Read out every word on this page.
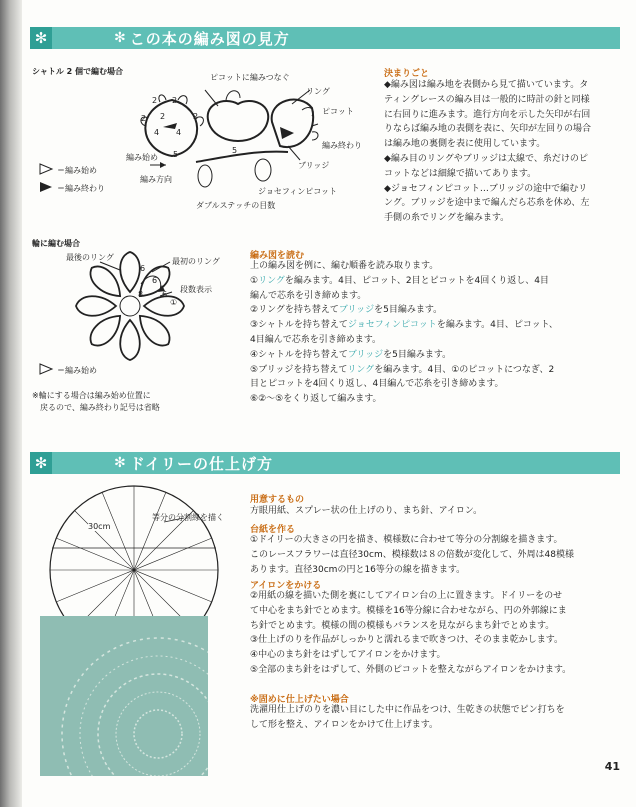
✻	✻ この本の編み図の見方
シャトル 2 個で編む場合
ピコットに編みつなぐ
リング
ピコット
編み終わり
ブリッジ
編み始め
編み方向
ジョセフィンピコット
ダブルステッチの目数
2 2
2
2 2
4 4
5	5
＝編み始め
＝編み終わり
輪に編む場合
最後のリング	最初のリング
段数表示
6
6
6
8
①
＝編み始め
※輪にする場合は編み始め位置に
戻るので、編み終わり記号は省略
決まりごと
◆編み図は編み地を表側から見て描いています。タ
ティングレースの編み目は一般的に時計の針と同様
に右回りに進みます。進行方向を示した矢印が右回
りならば編み地の表側を表に、矢印が左回りの場合
は編み地の裏側を表に使用しています。
◆編み目のリングやブリッジは太線で、糸だけのピ
コットなどは細線で描いてあります。
◆ジョセフィンピコット…ブリッジの途中で編むリ
ング。ブリッジを途中まで編んだら芯糸を休め、左
手側の糸でリングを編みます。
編み図を読む
上の編み図を例に、編む順番を読み取ります。
①リングを編みます。4目、ピコット、2目とピコットを4回くり返し、4目
編んで芯糸を引き締めます。
②リングを持ち替えてブリッジを5目編みます。
③シャトルを持ち替えてジョセフィンピコットを編みます。4目、ピコット、
4目編んで芯糸を引き締めます。
④シャトルを持ち替えてブリッジを5目編みます。
⑤ブリッジを持ち替えてリングを編みます。4目、①のピコットにつなぎ、2
目とピコットを4回くり返し、4目編んで芯糸を引き締めます。
⑥②～⑤をくり返して編みます。
✻	✻ ドイリーの仕上げ方
30cm
等分の分割線を描く
用意するもの
方眼用紙、スプレー状の仕上げのり、まち針、アイロン。
台紙を作る
①ドイリーの大きさの円を描き、模様数に合わせて等分の分割線を描きます。
このレースフラワーは直径30cm、模様数は８の倍数が変化して、外周は48模様
あります。直径30cmの円と16等分の線を描きます。
アイロンをかける
②用紙の線を描いた側を裏にしてアイロン台の上に置きます。ドイリーをのせ
て中心をまち針でとめます。模様を16等分線に合わせながら、円の外郭線にま
ち針でとめます。模様の間の模様もバランスを見ながらまち針でとめます。
③仕上げのりを作品がしっかりと濡れるまで吹きつけ、そのまま乾かします。
④中心のまち針をはずしてアイロンをかけます。
⑤全部のまち針をはずして、外側のピコットを整えながらアイロンをかけます。
※固めに仕上げたい場合
洗濯用仕上げのりを濃い目にした中に作品をつけ、生乾きの状態でピン打ちを
して形を整え、アイロンをかけて仕上げます。
41
